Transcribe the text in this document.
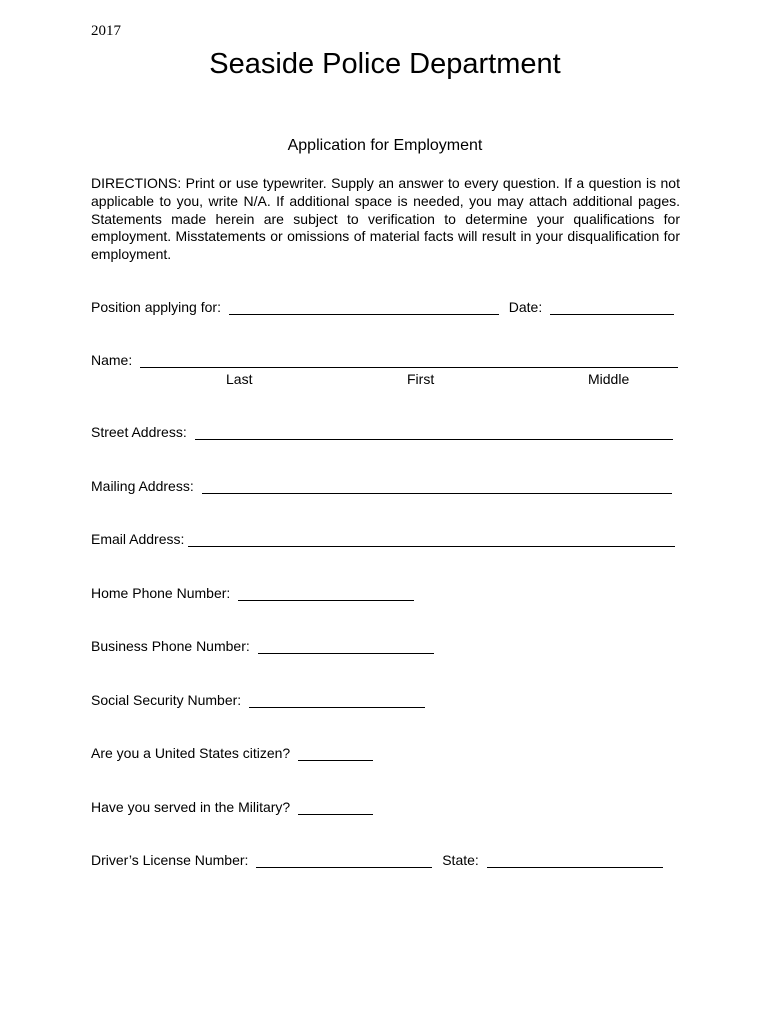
2017
Seaside Police Department
Application for Employment

DIRECTIONS: Print or use typewriter. Supply an answer to every question. If a question is not applicable to you, write N/A. If additional space is needed, you may attach additional pages. Statements made herein are subject to verification to determine your qualifications for employment. Misstatements or omissions of material facts will result in your disqualification for employment.

Position applying for:	Date:
Name:
Last	First	Middle
Street Address:
Mailing Address:
Email Address:
Home Phone Number:
Business Phone Number:
Social Security Number:
Are you a United States citizen?
Have you served in the Military?
Driver’s License Number:	State:
